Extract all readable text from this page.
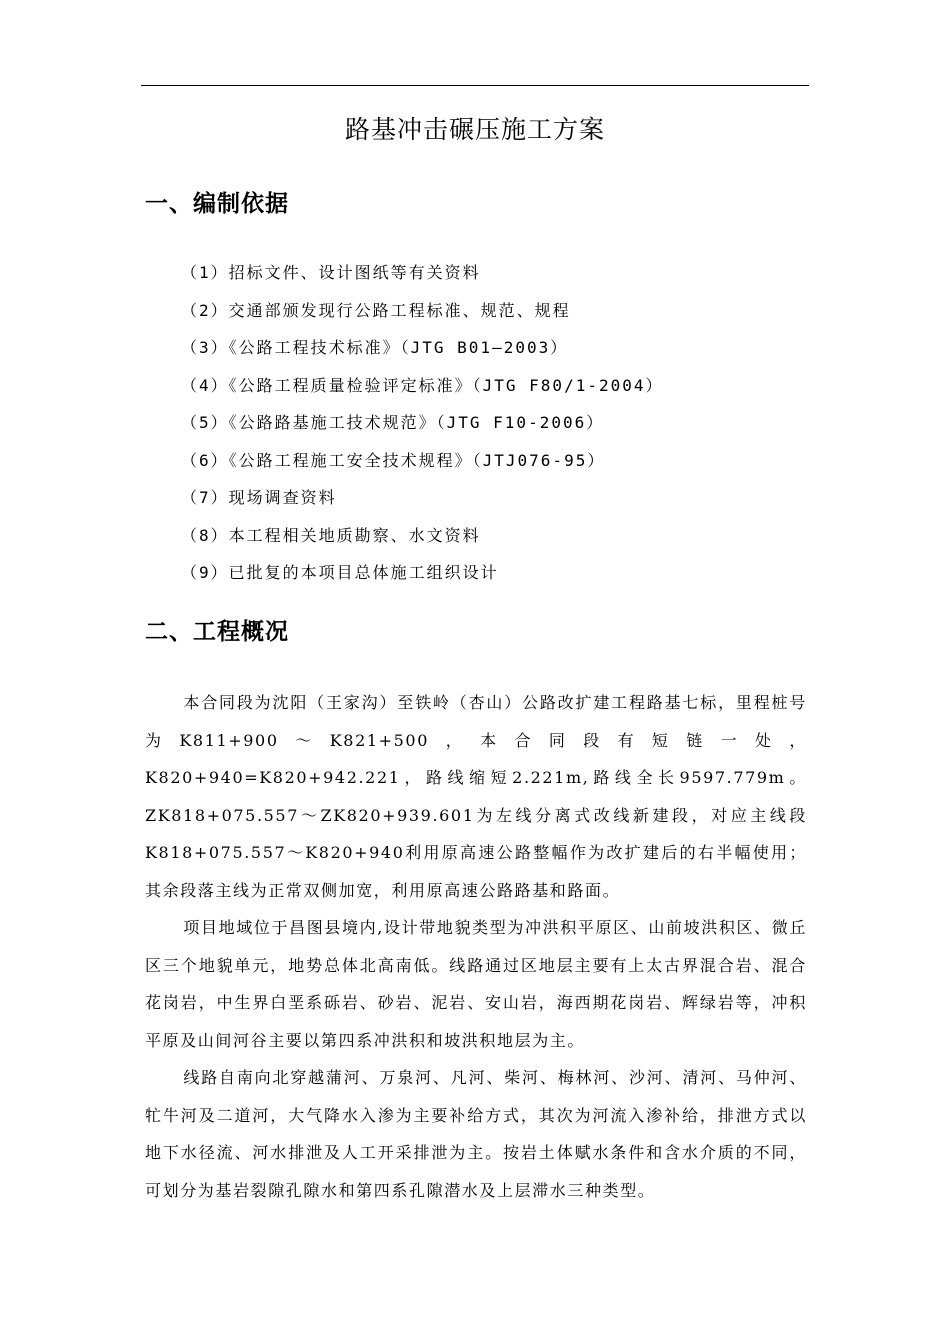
路基冲击碾压施工方案
一、编制依据
（1）招标文件、设计图纸等有关资料
（2）交通部颁发现行公路工程标准、规范、规程
（3）《公路工程技术标准》（JTG B01—2003）
（4）《公路工程质量检验评定标准》（JTG F80/1-2004）
（5）《公路路基施工技术规范》（JTG F10-2006）
（6）《公路工程施工安全技术规程》（JTJ076-95）
（7）现场调查资料
（8）本工程相关地质勘察、水文资料
（9）已批复的本项目总体施工组织设计
二、工程概况

本合同段为沈阳（王家沟）至铁岭（杏山）公路改扩建工程路基七标，里程桩号为K811+900～K821+500，本合同段有短链一处，K820+940=K820+942.221，路线缩短2.221m,路线全长9597.779m。ZK818+075.557～ZK820+939.601为左线分离式改线新建段，对应主线段K818+075.557～K820+940利用原高速公路整幅作为改扩建后的右半幅使用；其余段落主线为正常双侧加宽，利用原高速公路路基和路面。

项目地域位于昌图县境内,设计带地貌类型为冲洪积平原区、山前坡洪积区、微丘区三个地貌单元，地势总体北高南低。线路通过区地层主要有上太古界混合岩、混合花岗岩，中生界白垩系砾岩、砂岩、泥岩、安山岩，海西期花岗岩、辉绿岩等，冲积平原及山间河谷主要以第四系冲洪积和坡洪积地层为主。

线路自南向北穿越蒲河、万泉河、凡河、柴河、梅林河、沙河、清河、马仲河、牤牛河及二道河，大气降水入渗为主要补给方式，其次为河流入渗补给，排泄方式以地下水径流、河水排泄及人工开采排泄为主。按岩土体赋水条件和含水介质的不同，可划分为基岩裂隙孔隙水和第四系孔隙潜水及上层滞水三种类型。
